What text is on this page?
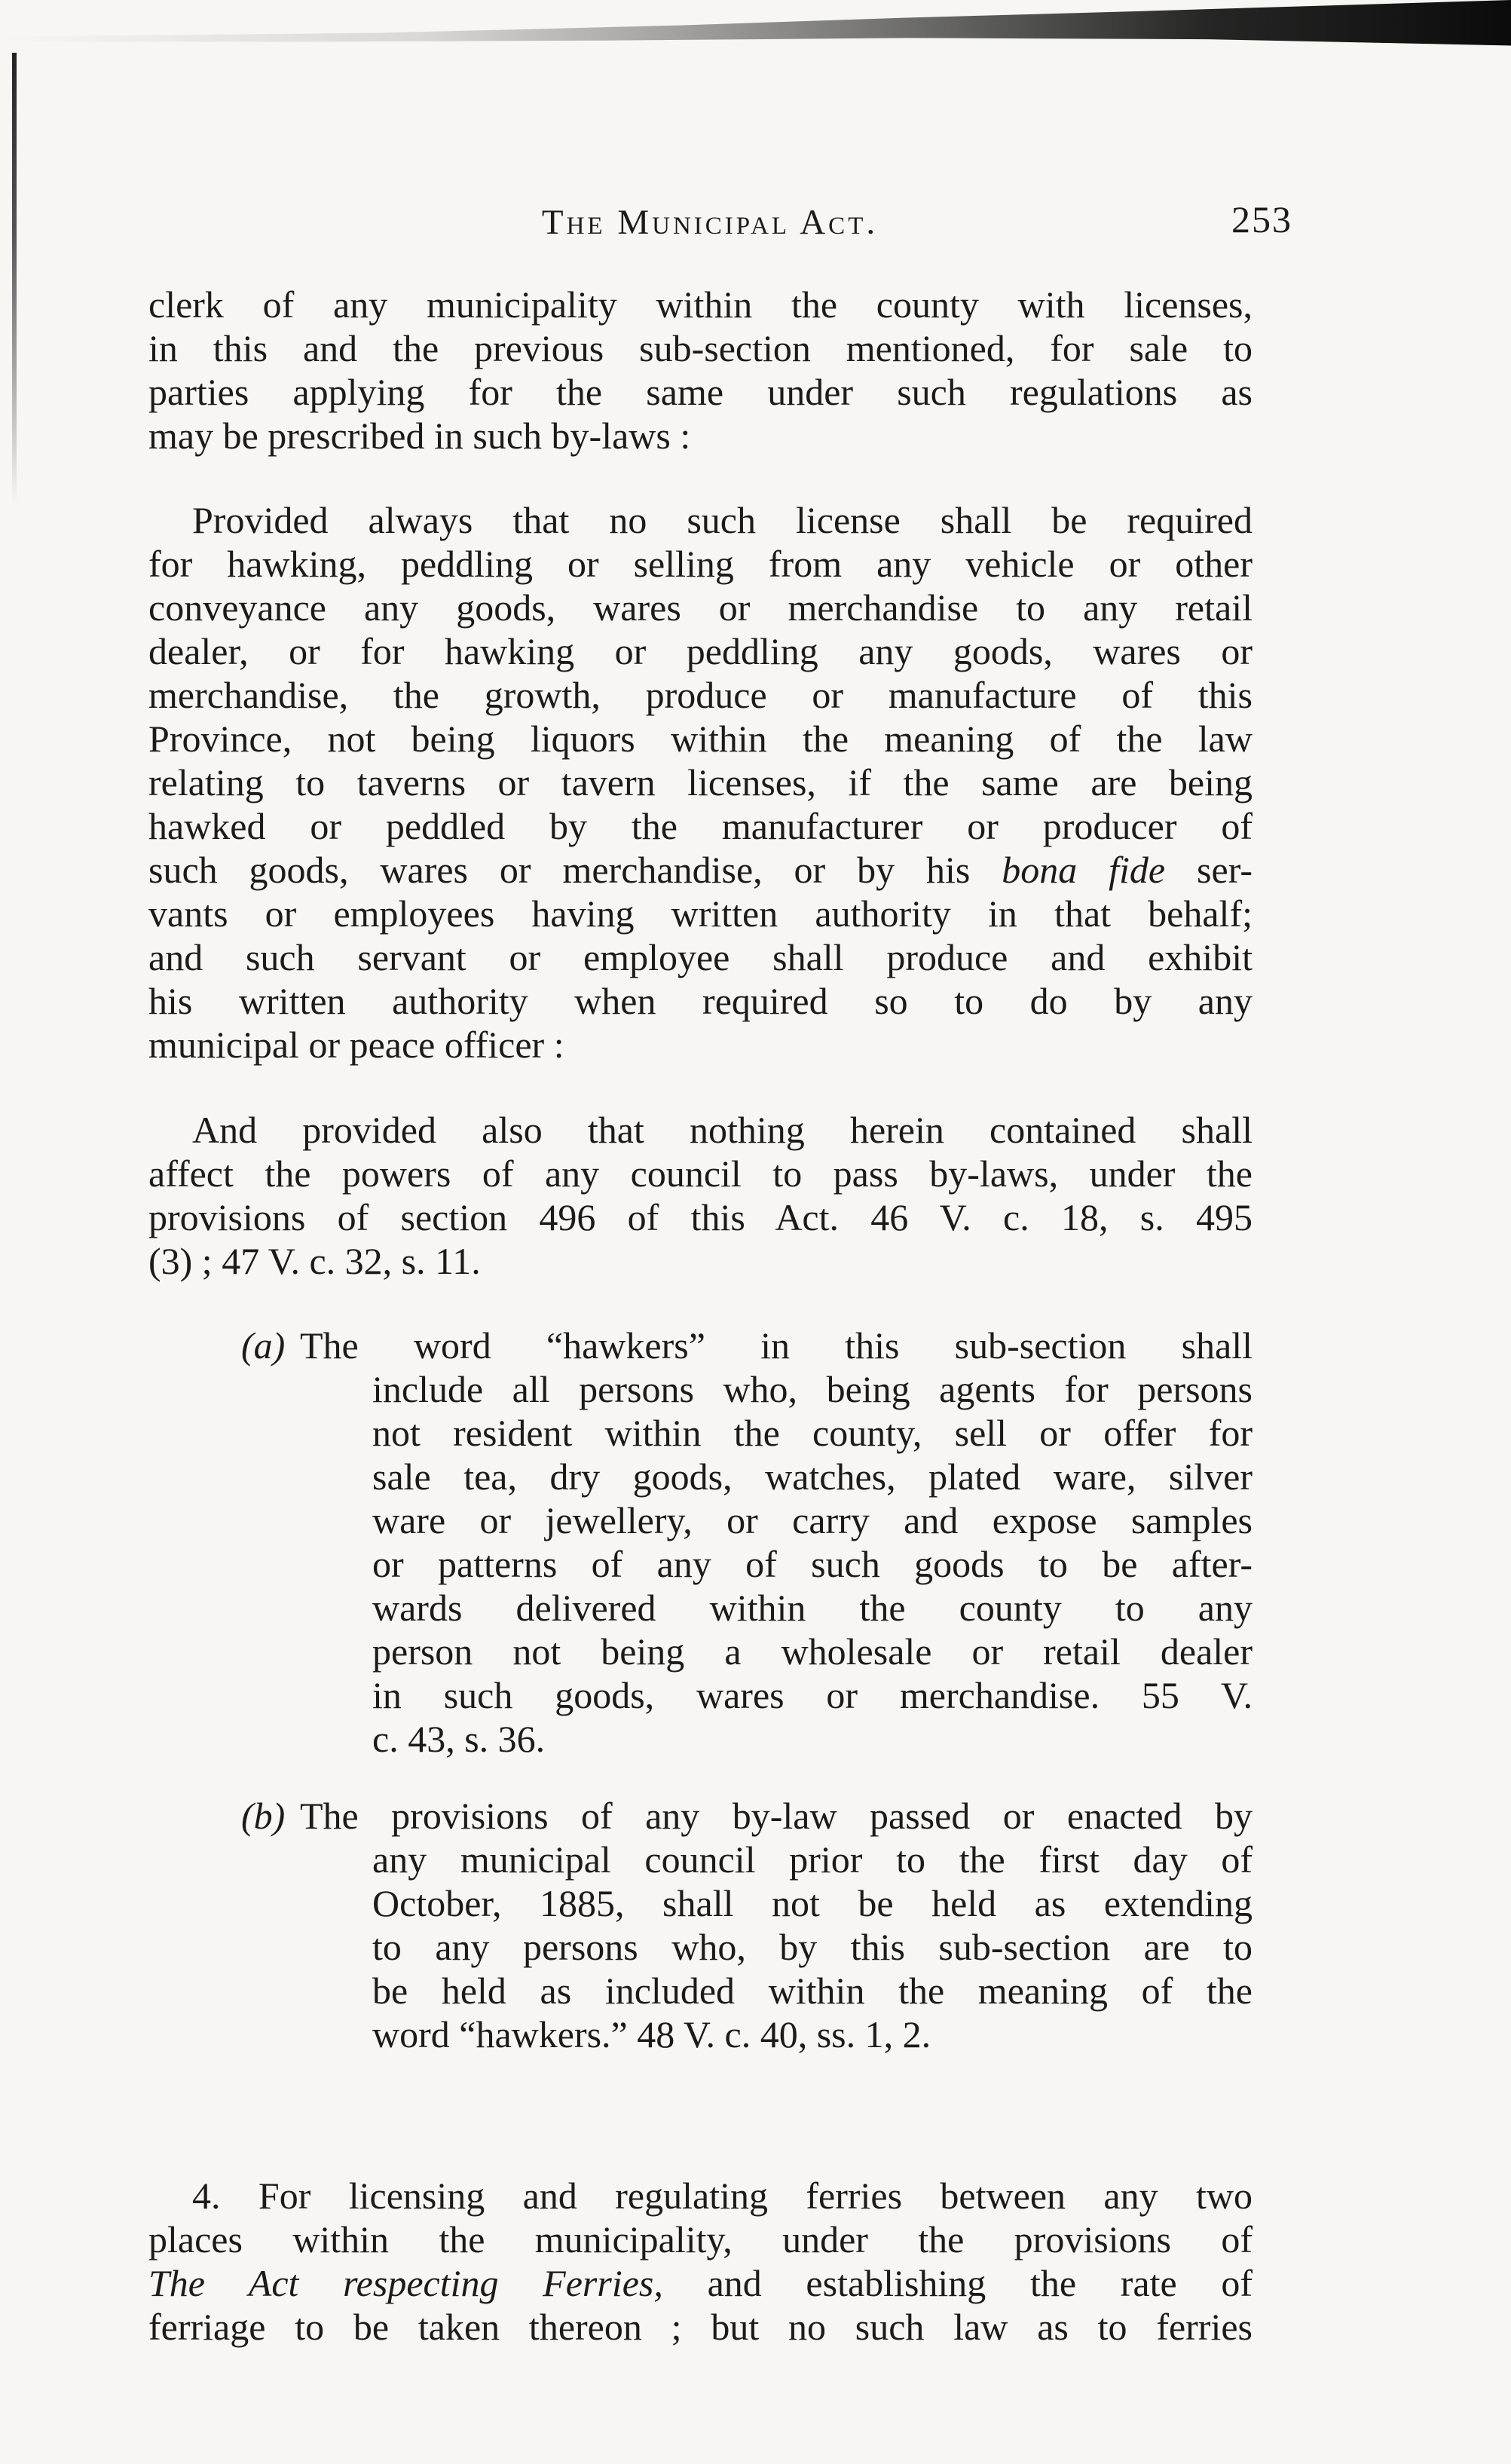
The Municipal Act.	253
clerk of any municipality within the county with licenses,
in this and the previous sub-section mentioned, for sale to
parties applying for the same under such regulations as
may be prescribed in such by-laws :
Provided always that no such license shall be required
for hawking, peddling or selling from any vehicle or other
conveyance any goods, wares or merchandise to any retail
dealer, or for hawking or peddling any goods, wares or
merchandise, the growth, produce or manufacture of this
Province, not being liquors within the meaning of the law
relating to taverns or tavern licenses, if the same are being
hawked or peddled by the manufacturer or producer of
such goods, wares or merchandise, or by his bona fide ser-
vants or employees having written authority in that behalf;
and such servant or employee shall produce and exhibit
his written authority when required so to do by any
municipal or peace officer :
And provided also that nothing herein contained shall
affect the powers of any council to pass by-laws, under the
provisions of section 496 of this Act. 46 V. c. 18, s. 495
(3) ; 47 V. c. 32, s. 11.
(a) The word “hawkers” in this sub-section shall
include all persons who, being agents for persons
not resident within the county, sell or offer for
sale tea, dry goods, watches, plated ware, silver
ware or jewellery, or carry and expose samples
or patterns of any of such goods to be after-
wards delivered within the county to any
person not being a wholesale or retail dealer
in such goods, wares or merchandise. 55 V.
c. 43, s. 36.
(b) The provisions of any by-law passed or enacted by
any municipal council prior to the first day of
October, 1885, shall not be held as extending
to any persons who, by this sub-section are to
be held as included within the meaning of the
word “hawkers.” 48 V. c. 40, ss. 1, 2.
4. For licensing and regulating ferries between any two
places within the municipality, under the provisions of
The Act respecting Ferries, and establishing the rate of
ferriage to be taken thereon ; but no such law as to ferries
